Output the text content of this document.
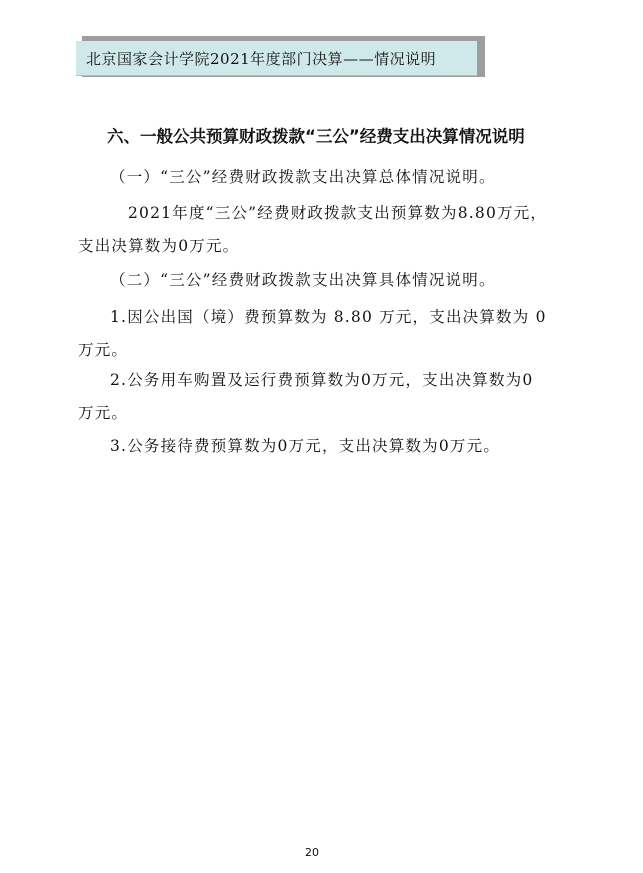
北京国家会计学院2021年度部门决算——情况说明
六、一般公共预算财政拨款“三公”经费支出决算情况说明
（一）“三公”经费财政拨款支出决算总体情况说明。
2021年度“三公”经费财政拨款支出预算数为8.80万元，
支出决算数为0万元。
（二）“三公”经费财政拨款支出决算具体情况说明。
1.因公出国（境）费预算数为 8.80 万元，支出决算数为 0
万元。
2.公务用车购置及运行费预算数为0万元，支出决算数为0
万元。
3.公务接待费预算数为0万元，支出决算数为0万元。
20
